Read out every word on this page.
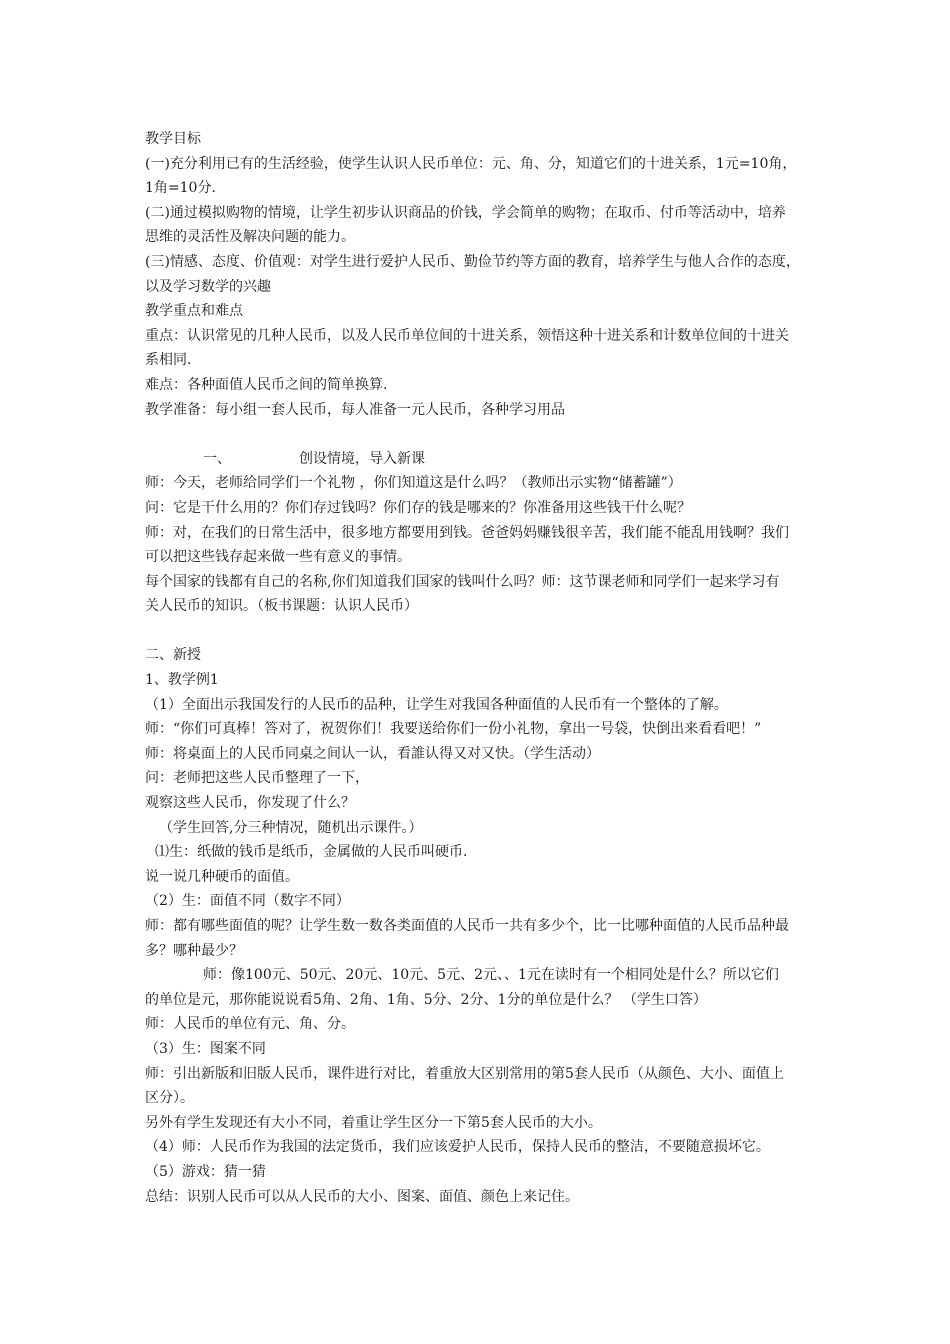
教学目标
(一)充分利用已有的生活经验，使学生认识人民币单位：元、角、分，知道它们的十进关系，1元=10角，
1角=10分.
(二)通过模拟购物的情境，让学生初步认识商品的价钱，学会简单的购物；在取币、付币等活动中，培养
思维的灵活性及解决问题的能力。
(三)情感、态度、价值观：对学生进行爱护人民币、勤俭节约等方面的教育，培养学生与他人合作的态度，
以及学习数学的兴趣
教学重点和难点
重点：认识常见的几种人民币，以及人民币单位间的十进关系，领悟这种十进关系和计数单位间的十进关
系相同.
难点：各种面值人民币之间的简单换算.
教学准备：每小组一套人民币，每人准备一元人民币，各种学习用品
一、	创设情境，导入新课
师：今天，老师给同学们一个礼物 ，你们知道这是什么吗？（教师出示实物“储蓄罐”）
问：它是干什么用的？你们存过钱吗？你们存的钱是哪来的？你准备用这些钱干什么呢？
师：对，在我们的日常生活中，很多地方都要用到钱。爸爸妈妈赚钱很辛苦，我们能不能乱用钱啊？我们
可以把这些钱存起来做一些有意义的事情。
每个国家的钱都有自己的名称,你们知道我们国家的钱叫什么吗？师：这节课老师和同学们一起来学习有
关人民币的知识。（板书课题：认识人民币）
二、新授
1、教学例1
（1）全面出示我国发行的人民币的品种，让学生对我国各种面值的人民币有一个整体的了解。
师：“你们可真棒！答对了，祝贺你们！我要送给你们一份小礼物，拿出一号袋，快倒出来看看吧！”
师：将桌面上的人民币同桌之间认一认，看誰认得又对又快。（学生活动）
问：老师把这些人民币整理了一下，
观察这些人民币，你发现了什么？
（学生回答,分三种情况，随机出示课件。）
⑴生：纸做的钱币是纸币，金属做的人民币叫硬币.
说一说几种硬币的面值。
（2）生：面值不同（数字不同）
师：都有哪些面值的呢？让学生数一数各类面值的人民币一共有多少个，比一比哪种面值的人民币品种最
多？哪种最少？
师：像100元、50元、20元、10元、5元、2元、、1元在读时有一个相同处是什么？所以它们
的单位是元，那你能说说看5角、2角、1角、5分、2分、1分的单位是什么？ （学生口答）
师：人民币的单位有元、角、分。
（3）生：图案不同
师：引出新版和旧版人民币，课件进行对比，着重放大区别常用的第5套人民币（从颜色、大小、面值上
区分）。
另外有学生发现还有大小不同，着重让学生区分一下第5套人民币的大小。
（4）师：人民币作为我国的法定货币，我们应该爱护人民币，保持人民币的整洁，不要随意损坏它。
（5）游戏：猜一猜
总结：识别人民币可以从人民币的大小、图案、面值、颜色上来记住。
